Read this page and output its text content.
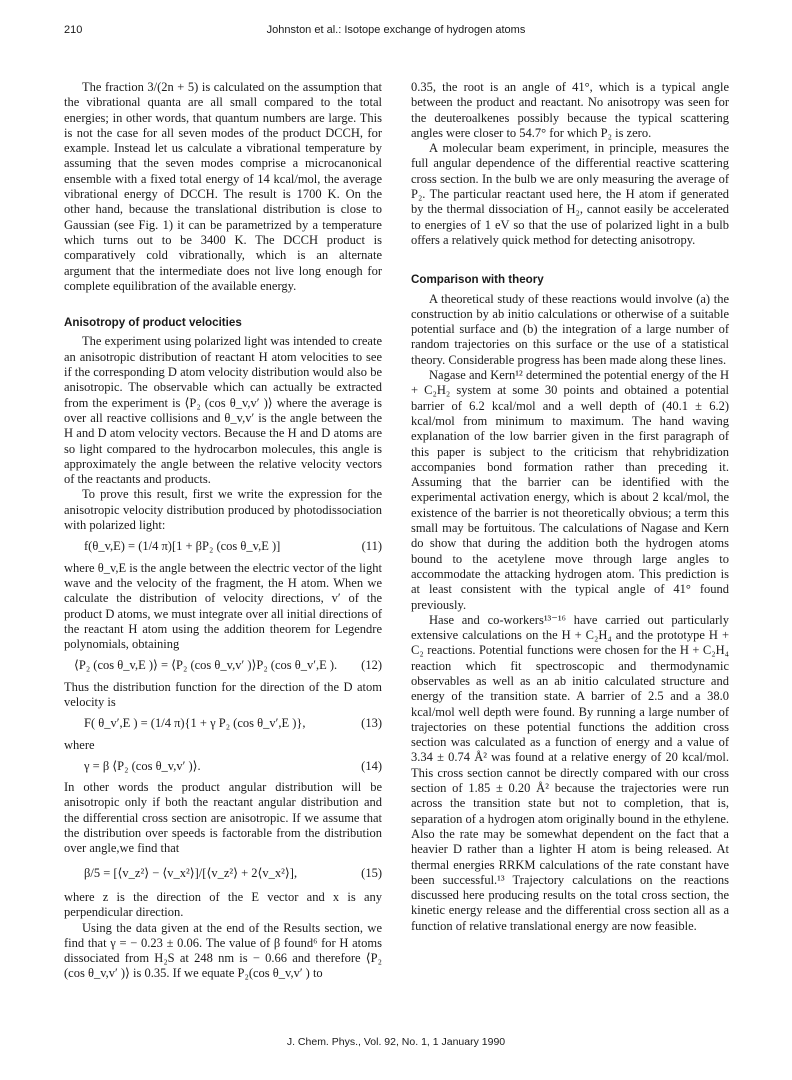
210	Johnston et al.: Isotope exchange of hydrogen atoms

The fraction 3/(2n + 5) is calculated on the assumption that the vibrational quanta are all small compared to the total energies; in other words, that quantum numbers are large. This is not the case for all seven modes of the product DCCH, for example. Instead let us calculate a vibrational temperature by assuming that the seven modes comprise a microcanonical ensemble with a fixed total energy of 14 kcal/mol, the average vibrational energy of DCCH. The result is 1700 K. On the other hand, because the translational distribution is close to Gaussian (see Fig. 1) it can be parametrized by a temperature which turns out to be 3400 K. The DCCH product is comparatively cold vibrationally, which is an alternate argument that the intermediate does not live long enough for complete equilibration of the available energy.

Anisotropy of product velocities

The experiment using polarized light was intended to create an anisotropic distribution of reactant H atom velocities to see if the corresponding D atom velocity distribution would also be anisotropic. The observable which can actually be extracted from the experiment is ⟨P₂ (cos θ_v,v′ )⟩ where the average is over all reactive collisions and θ_v,v′ is the angle between the H and D atom velocity vectors. Because the H and D atoms are so light compared to the hydrocarbon molecules, this angle is approximately the angle between the relative velocity vectors of the reactants and products.

To prove this result, first we write the expression for the anisotropic velocity distribution produced by photodissociation with polarized light:

f(θ_v,E) = (1/4 π)[1 + βP₂ (cos θ_v,E )]	(11)

where θ_v,E is the angle between the electric vector of the light wave and the velocity of the fragment, the H atom. When we calculate the distribution of velocity directions, v′ of the product D atoms, we must integrate over all initial directions of the reactant H atom using the addition theorem for Legendre polynomials, obtaining

⟨P₂ (cos θ_v,E )⟩ = ⟨P₂ (cos θ_v,v′ )⟩P₂ (cos θ_v′,E ). (12)

Thus the distribution function for the direction of the D atom velocity is

F( θ_v′,E ) = (1/4 π){1 + γ P₂ (cos θ_v′,E )},	(13)

where

γ = β ⟨P₂ (cos θ_v,v′ )⟩.	(14)

In other words the product angular distribution will be anisotropic only if both the reactant angular distribution and the differential cross section are anisotropic. If we assume that the distribution over speeds is factorable from the distribution over angle,we find that

β/5 = [⟨v_z²⟩ − ⟨v_x²⟩]/[⟨v_z²⟩ + 2⟨v_x²⟩],	(15)

where z is the direction of the E vector and x is any perpendicular direction.

Using the data given at the end of the Results section, we find that γ = − 0.23 ± 0.06. The value of β found⁶ for H atoms dissociated from H₂S at 248 nm is − 0.66 and therefore ⟨P₂ (cos θ_v,v′ )⟩ is 0.35. If we equate P₂(cos θ_v,v′ ) to

0.35, the root is an angle of 41°, which is a typical angle between the product and reactant. No anisotropy was seen for the deuteroalkenes possibly because the typical scattering angles were closer to 54.7° for which P₂ is zero.

A molecular beam experiment, in principle, measures the full angular dependence of the differential reactive scattering cross section. In the bulb we are only measuring the average of P₂. The particular reactant used here, the H atom if generated by the thermal dissociation of H₂, cannot easily be accelerated to energies of 1 eV so that the use of polarized light in a bulb offers a relatively quick method for detecting anisotropy.

Comparison with theory

A theoretical study of these reactions would involve (a) the construction by ab initio calculations or otherwise of a suitable potential surface and (b) the integration of a large number of random trajectories on this surface or the use of a statistical theory. Considerable progress has been made along these lines.

Nagase and Kern¹² determined the potential energy of the H + C₂H₂ system at some 30 points and obtained a potential barrier of 6.2 kcal/mol and a well depth of (40.1 ± 6.2) kcal/mol from minimum to maximum. The hand waving explanation of the low barrier given in the first paragraph of this paper is subject to the criticism that rehybridization accompanies bond formation rather than preceding it. Assuming that the barrier can be identified with the experimental activation energy, which is about 2 kcal/mol, the existence of the barrier is not theoretically obvious; a term this small may be fortuitous. The calculations of Nagase and Kern do show that during the addition both the hydrogen atoms bound to the acetylene move through large angles to accommodate the attacking hydrogen atom. This prediction is at least consistent with the typical angle of 41° found previously.

Hase and co-workers¹³⁻¹⁶ have carried out particularly extensive calculations on the H + C₂H₄ and the prototype H + C₂ reactions. Potential functions were chosen for the H + C₂H₄ reaction which fit spectroscopic and thermodynamic observables as well as an ab initio calculated structure and energy of the transition state. A barrier of 2.5 and a 38.0 kcal/mol well depth were found. By running a large number of trajectories on these potential functions the addition cross section was calculated as a function of energy and a value of 3.34 ± 0.74 Å² was found at a relative energy of 20 kcal/mol. This cross section cannot be directly compared with our cross section of 1.85 ± 0.20 Å² because the trajectories were run across the transition state but not to completion, that is, separation of a hydrogen atom originally bound in the ethylene. Also the rate may be somewhat dependent on the fact that a heavier D rather than a lighter H atom is being released. At thermal energies RRKM calculations of the rate constant have been successful.¹³ Trajectory calculations on the reactions discussed here producing results on the total cross section, the kinetic energy release and the differential cross section all as a function of relative translational energy are now feasible.

J. Chem. Phys., Vol. 92, No. 1, 1 January 1990
